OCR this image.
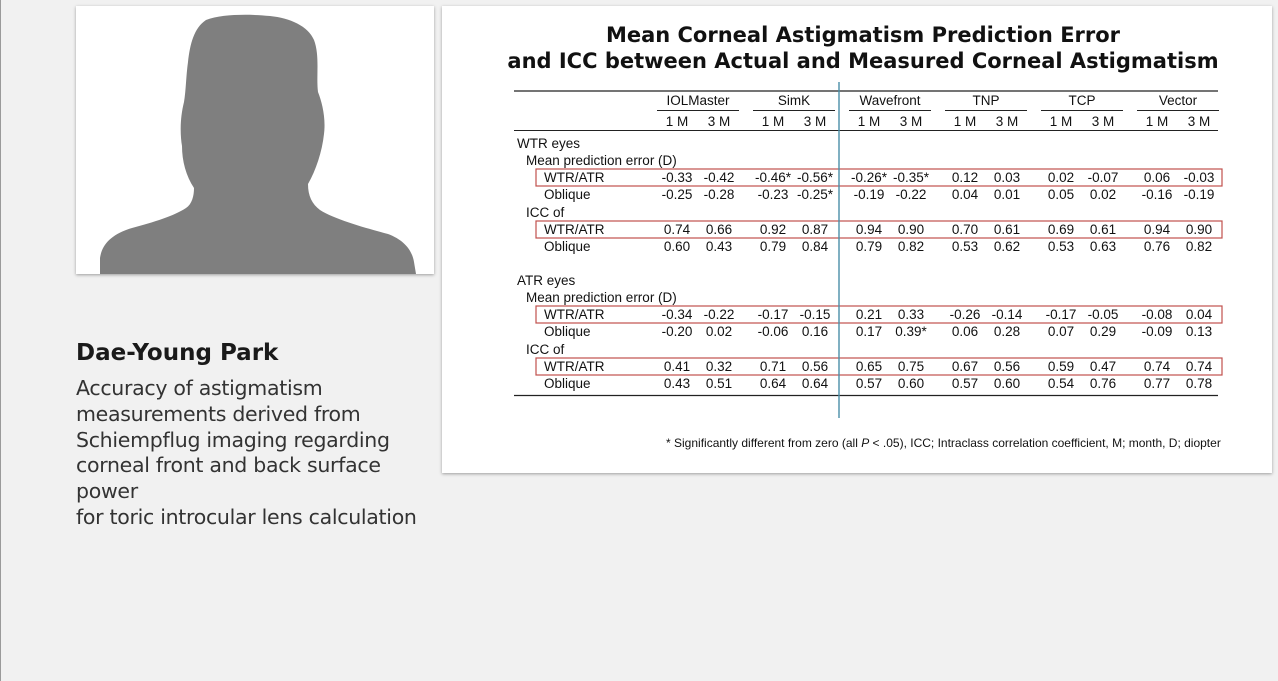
Dae-Young Park
Accuracy of astigmatism
measurements derived from
Schiempflug imaging regarding
corneal front and back surface power
for toric introcular lens calculation
Mean Corneal Astigmatism Prediction Error
and ICC between Actual and Measured Corneal Astigmatism
IOLMaster
1 M 3 M
SimK
1 M 3 M
Wavefront
1 M 3 M
TNP
1 M 3 M
TCP
1 M 3 M
Vector
1 M 3 M
WTR eyes
Mean prediction error (D)
WTR/ATR	-0.33 -0.42 -0.46* -0.56* -0.26* -0.35* 0.12 0.03 0.02 -0.07 0.06 -0.03
Oblique	-0.25 -0.28 -0.23 -0.25* -0.19 -0.22 0.04 0.01 0.05 0.02 -0.16 -0.19
ICC of
WTR/ATR	0.74 0.66 0.92 0.87 0.94 0.90 0.70 0.61 0.69 0.61 0.94 0.90
Oblique	0.60 0.43 0.79 0.84 0.79 0.82 0.53 0.62 0.53 0.63 0.76 0.82
ATR eyes
Mean prediction error (D)
WTR/ATR	-0.34 -0.22 -0.17 -0.15 0.21 0.33 -0.26 -0.14 -0.17 -0.05 -0.08 0.04
Oblique	-0.20 0.02 -0.06 0.16 0.17 0.39* 0.06 0.28 0.07 0.29 -0.09 0.13
ICC of
WTR/ATR	0.41 0.32 0.71 0.56 0.65 0.75 0.67 0.56 0.59 0.47 0.74 0.74
Oblique	0.43 0.51 0.64 0.64 0.57 0.60 0.57 0.60 0.54 0.76 0.77 0.78
* Significantly different from zero (all P < .05), ICC; Intraclass correlation coefficient, M; month, D; diopter
